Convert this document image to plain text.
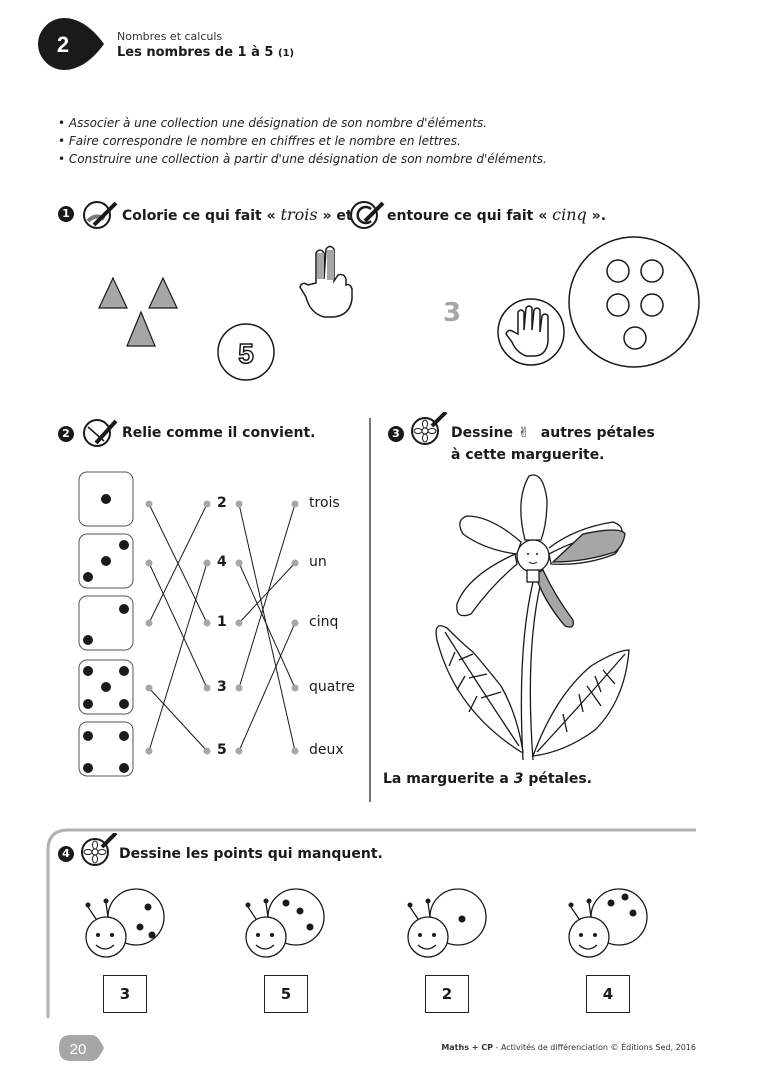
2	Nombres et calculs
Les nombres de 1 à 5 (1)
• Associer à une collection une désignation de son nombre d'éléments.
• Faire correspondre le nombre en chiffres et le nombre en lettres.
• Construire une collection à partir d'une désignation de son nombre d'éléments.
1	Colorie ce qui fait « trois » et entoure ce qui fait « cinq ».
5
3
2	Relie comme il convient.
2
4
1
3
5
trois
un
cinq
quatre
deux
3	Dessine ✌ autres pétales
à cette marguerite.
La marguerite a 3 pétales.
4	Dessine les points qui manquent.
3	5	2	4
20	Maths + CP - Activités de différenciation © Éditions Sed, 2016
